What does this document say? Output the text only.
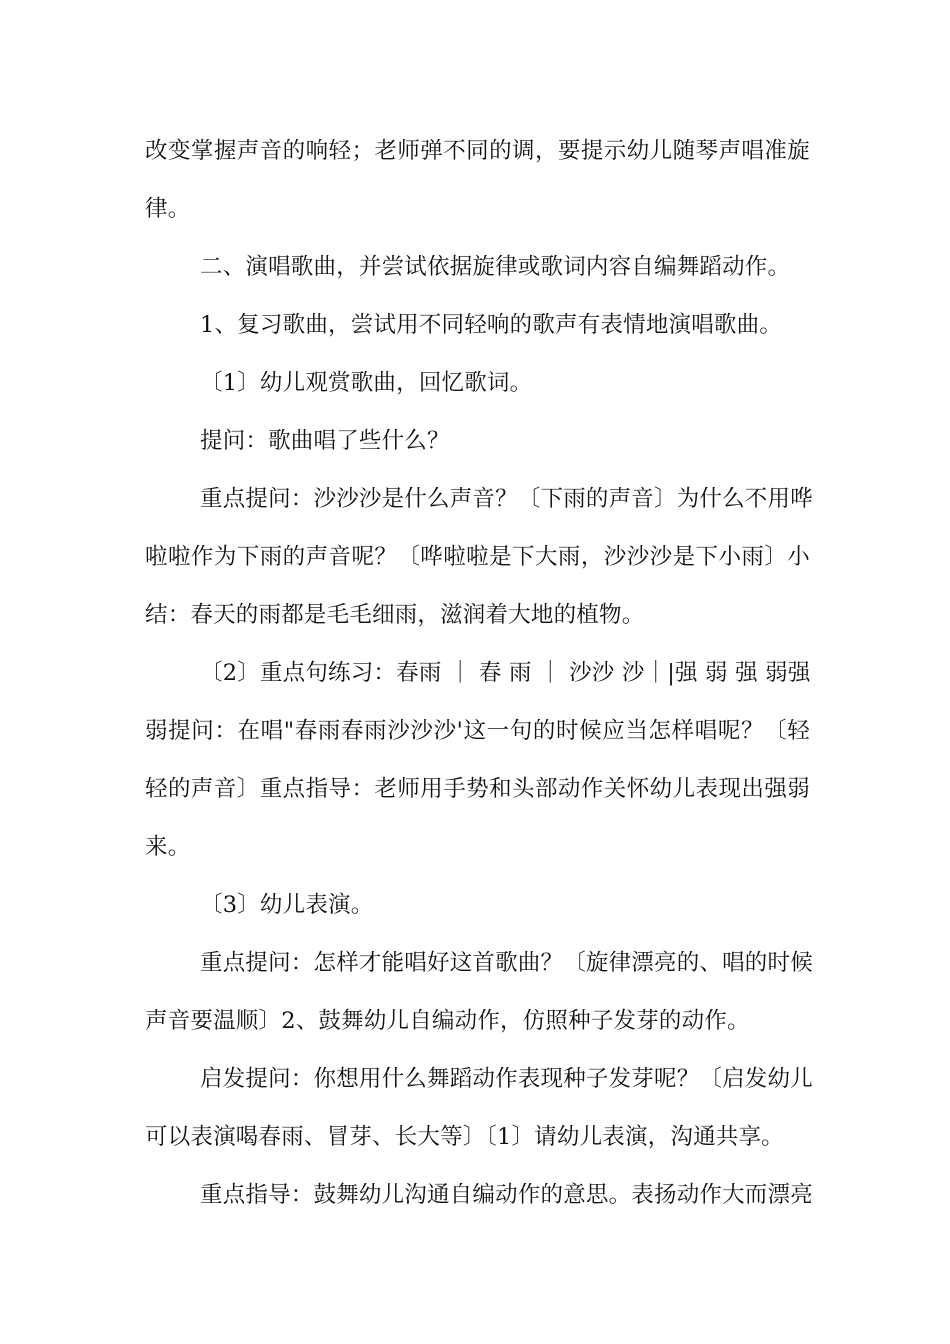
改变掌握声音的响轻；老师弹不同的调，要提示幼儿随琴声唱准旋
律。
二、演唱歌曲，并尝试依据旋律或歌词内容自编舞蹈动作。
1、复习歌曲，尝试用不同轻响的歌声有表情地演唱歌曲。
〔1〕幼儿观赏歌曲，回忆歌词。
提问：歌曲唱了些什么？
重点提问：沙沙沙是什么声音？〔下雨的声音〕为什么不用哗
啦啦作为下雨的声音呢？〔哗啦啦是下大雨，沙沙沙是下小雨〕小
结：春天的雨都是毛毛细雨，滋润着大地的植物。
〔2〕重点句练习：春雨 ｜ 春 雨 ｜ 沙沙 沙｜|强 弱 强 弱强
弱提问：在唱"春雨春雨沙沙沙'这一句的时候应当怎样唱呢？〔轻
轻的声音〕重点指导：老师用手势和头部动作关怀幼儿表现出强弱
来。
〔3〕幼儿表演。
重点提问：怎样才能唱好这首歌曲？〔旋律漂亮的、唱的时候
声音要温顺〕2、鼓舞幼儿自编动作，仿照种子发芽的动作。
启发提问：你想用什么舞蹈动作表现种子发芽呢？〔启发幼儿
可以表演喝春雨、冒芽、长大等〕〔1〕请幼儿表演，沟通共享。
重点指导：鼓舞幼儿沟通自编动作的意思。表扬动作大而漂亮
